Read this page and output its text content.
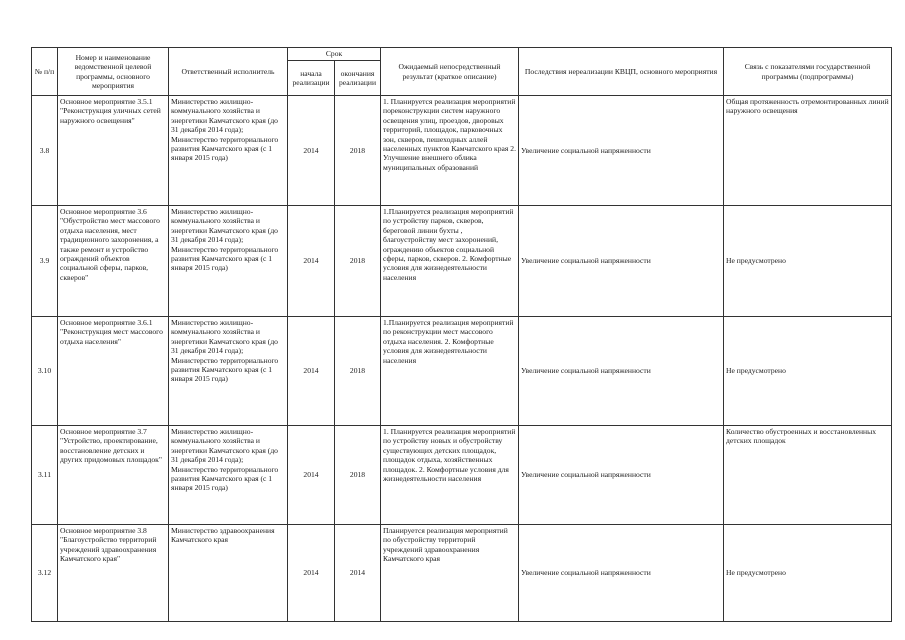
№ п/п	Номер и наименование ведомственной целевой программы, основного мероприятия	Ответственный исполнитель	Срок		Ожидаемый непосредственный результат (краткое описание)	Последствия нереализации КВЦП, основного мероприятия	Связь с показателями государственной программы (подпрограммы)
			начала реализации	окончания реализации			
3.8	Основное мероприятие 3.5.1 "Реконструкция уличных сетей наружного освещения"	Министерство жилищно-коммунального хозяйства и энергетики Камчатского края (до 31 декабря 2014 года); Министерство территориального развития Камчатского края (с 1 января 2015 года)	2014	2018	1. Планируется реализация мероприятий пореконструкции систем наружного освещения улиц, проездов, дворовых территорий, площадок, парковочных зон, скверов, пешеходных аллей населенных пунктов Камчатского края 2. Улучшение внешнего облика муниципальных образований	Увеличение социальной напряженности	Общая протяженность отремонтированных линий наружного освещения
3.9	Основное мероприятие 3.6 "Обустройство мест массового отдыха населения, мест традиционного захоронения, а также ремонт и устройство ограждений объектов социальной сферы, парков, скверов"	Министерство жилищно-коммунального хозяйства и энергетики Камчатского края (до 31 декабря 2014 года); Министерство территориального развития Камчатского края (с 1 января 2015 года)	2014	2018	1.Планируется реализация мероприятий по устройству парков, скверов, береговой линии бухты , благоустройству мест захоронений, ограждению объектов социальной сферы, парков, скверов. 2. Комфортные условия для жизнедеятельности населения	Увеличение социальной напряженности	Не предусмотрено
3.10	Основное мероприятие 3.6.1 "Реконструкция мест массового отдыха населения"	Министерство жилищно-коммунального хозяйства и энергетики Камчатского края (до 31 декабря 2014 года); Министерство территориального развития Камчатского края (с 1 января 2015 года)	2014	2018	1.Планируется реализация мероприятий по реконструкции мест массового отдыха населения. 2. Комфортные условия для жизнедеятельности населения	Увеличение социальной напряженности	Не предусмотрено
3.11	Основное мероприятие 3.7 "Устройство, проектирование, восстановление детских и других придомовых площадок"	Министерство жилищно-коммунального хозяйства и энергетики Камчатского края (до 31 декабря 2014 года); Министерство территориального развития Камчатского края (с 1 января 2015 года)	2014	2018	1. Планируется реализация мероприятий по устройству новых и обустройству существующих детских площадок, площадок отдыха, хозяйственных площадок. 2. Комфортные условия для жизнедеятельности населения	Увеличение социальной напряженности	Количество обустроенных и восстановленных детских площадок
3.12	Основное мероприятие 3.8 "Благоустройство территорий учреждений здравоохранения Камчатского края"	Министерство здравоохранения Камчатского края	2014	2014	Планируется реализация мероприятий по обустройству территорий учреждений здравоохранения Камчатского края	Увеличение социальной напряженности	Не предусмотрено
